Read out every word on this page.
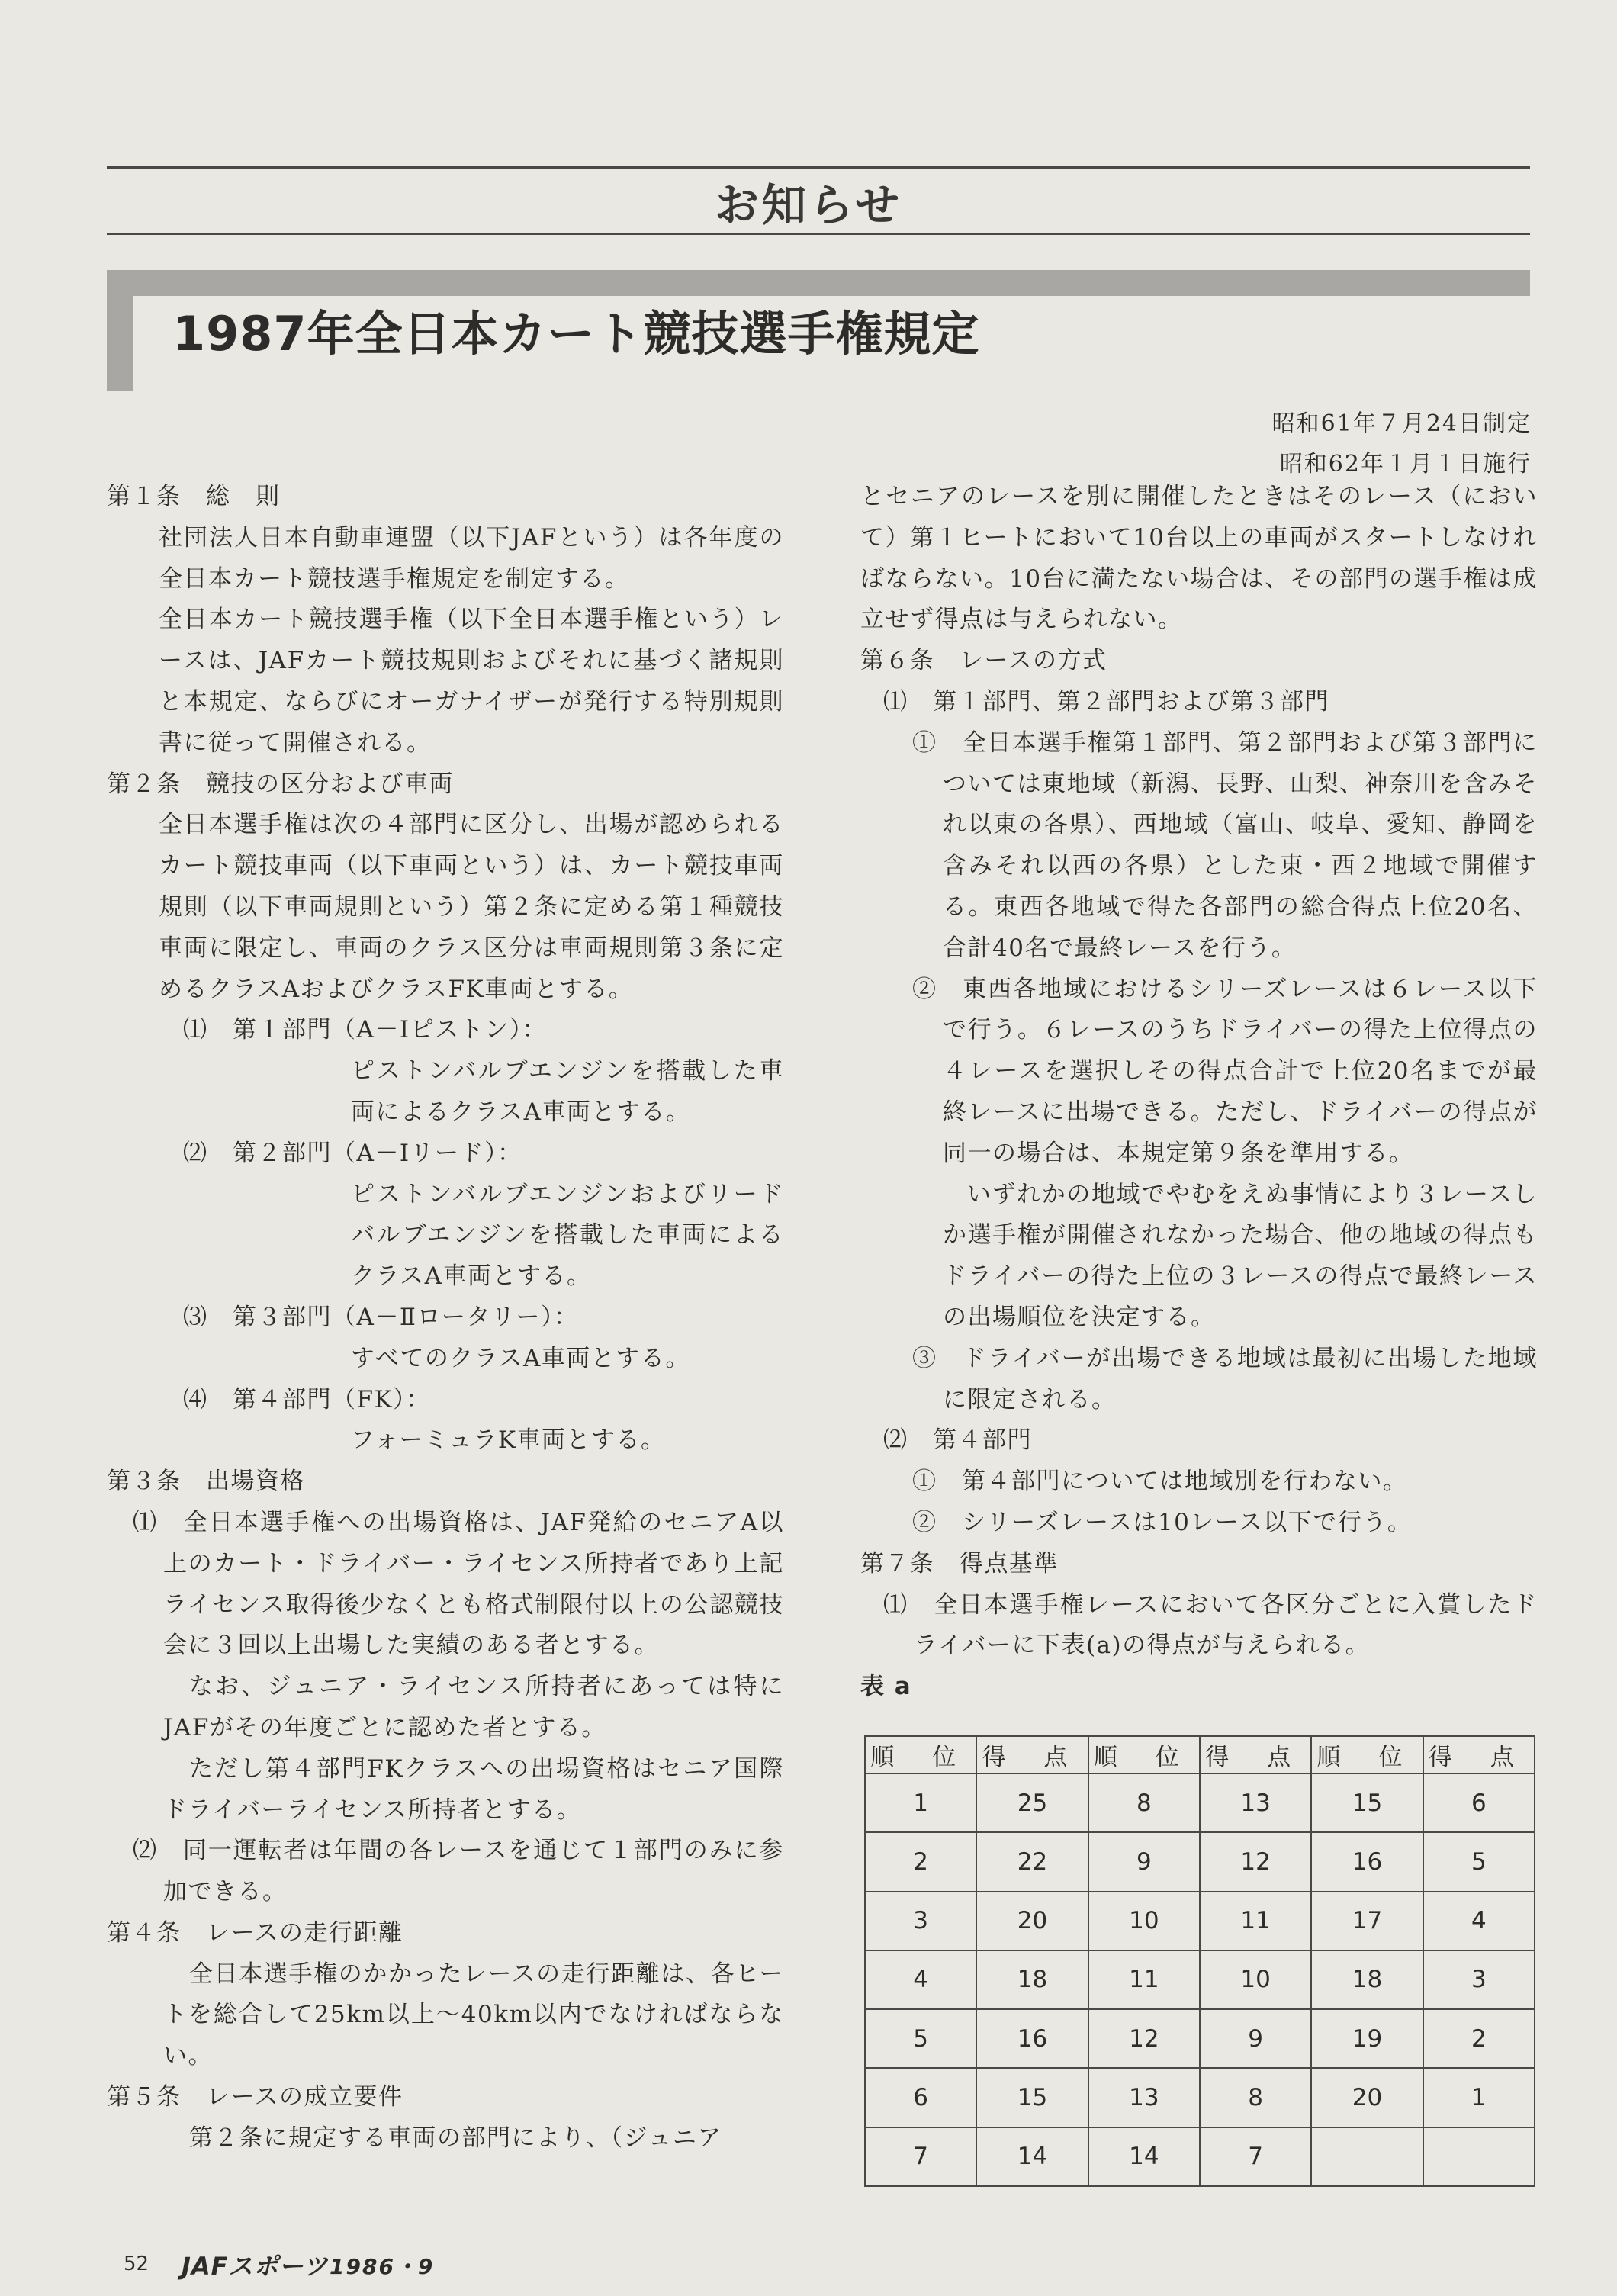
お知らせ
1987年全日本カート競技選手権規定
昭和61年７月24日制定
昭和62年１月１日施行

第１条　総　則

社団法人日本自動車連盟（以下JAFという）は各年度の全日本カート競技選手権規定を制定する。

全日本カート競技選手権（以下全日本選手権という）レースは、JAFカート競技規則およびそれに基づく諸規則と本規定、ならびにオーガナイザーが発行する特別規則書に従って開催される。

第２条　競技の区分および車両

全日本選手権は次の４部門に区分し、出場が認められるカート競技車両（以下車両という）は、カート競技車両規則（以下車両規則という）第２条に定める第１種競技車両に限定し、車両のクラス区分は車両規則第３条に定めるクラスAおよびクラスFK車両とする。

⑴　第１部門（A－Ⅰピストン）：

ピストンバルブエンジンを搭載した車両によるクラスA車両とする。

⑵　第２部門（A－Ⅰリード）：

ピストンバルブエンジンおよびリードバルブエンジンを搭載した車両によるクラスA車両とする。

⑶　第３部門（A－Ⅱロータリー）：

すべてのクラスA車両とする。

⑷　第４部門（FK）：

フォーミュラK車両とする。

第３条　出場資格

⑴　全日本選手権への出場資格は、JAF発給のセニアA以上のカート・ドライバー・ライセンス所持者であり上記ライセンス取得後少なくとも格式制限付以上の公認競技会に３回以上出場した実績のある者とする。

なお、ジュニア・ライセンス所持者にあっては特にJAFがその年度ごとに認めた者とする。

ただし第４部門FKクラスへの出場資格はセニア国際ドライバーライセンス所持者とする。

⑵　同一運転者は年間の各レースを通じて１部門のみに参加できる。

第４条　レースの走行距離

全日本選手権のかかったレースの走行距離は、各ヒートを総合して25km以上～40km以内でなければならない。

第５条　レースの成立要件

第２条に規定する車両の部門により、（ジュニア

とセニアのレースを別に開催したときはそのレース（において）第１ヒートにおいて10台以上の車両がスタートしなければならない。10台に満たない場合は、その部門の選手権は成立せず得点は与えられない。

第６条　レースの方式

⑴　第１部門、第２部門および第３部門

①　全日本選手権第１部門、第２部門および第３部門については東地域（新潟、長野、山梨、神奈川を含みそれ以東の各県）、西地域（富山、岐阜、愛知、静岡を含みそれ以西の各県）とした東・西２地域で開催する。東西各地域で得た各部門の総合得点上位20名、合計40名で最終レースを行う。

②　東西各地域におけるシリーズレースは６レース以下で行う。６レースのうちドライバーの得た上位得点の４レースを選択しその得点合計で上位20名までが最終レースに出場できる。ただし、ドライバーの得点が同一の場合は、本規定第９条を準用する。

いずれかの地域でやむをえぬ事情により３レースしか選手権が開催されなかった場合、他の地域の得点もドライバーの得た上位の３レースの得点で最終レースの出場順位を決定する。

③　ドライバーが出場できる地域は最初に出場した地域に限定される。

⑵　第４部門

①　第４部門については地域別を行わない。

②　シリーズレースは10レース以下で行う。

第７条　得点基準

⑴　全日本選手権レースにおいて各区分ごとに入賞したドライバーに下表(a)の得点が与えられる。

表 a

順 位	得 点	順 位	得 点	順 位	得 点
1	25	8	13	15	6
2	22	9	12	16	5
3	20	10	11	17	4
4	18	11	10	18	3
5	16	12	9	19	2
6	15	13	8	20	1
7	14	14	7		
52 JAFスポーツ 1986・9
